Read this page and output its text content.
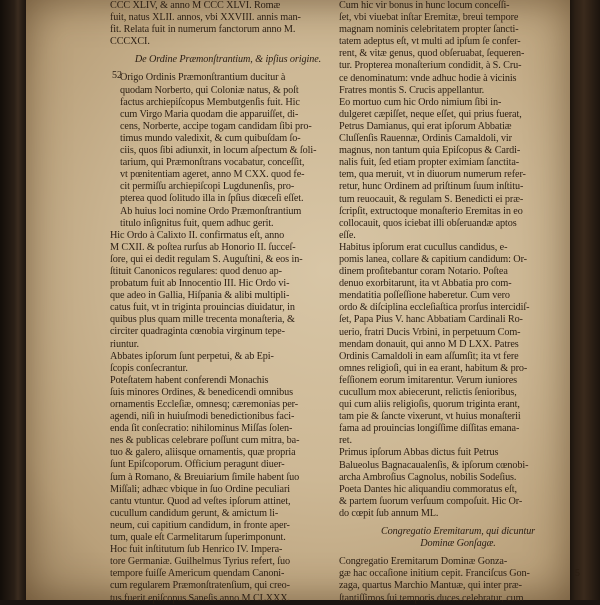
52
CCC XLIV, & anno M CCC XLVI. Romæ
fuit, natus XLII. annos, vbi XXVIII. annis man-
fit. Relata fuit in numerum fanctorum anno M.
CCCXCI.
De Ordine Præmonſtrantium, & ipſius origine.
Origo Ordinis Præmonſtrantium ducitur à
quodam Norberto, qui Coloniæ natus, & poſt
factus archiepiſcopus Membutgenſis fuit. Hic
cum Virgo Maria quodam die apparuiſſet, di-
cens, Norberte, accipe togam candidam ſibi pro-
timus mundo valedixit, & cum quibuſdam ſo-
ciis, quos ſibi adiunxit, in locum aſpectum & ſoli-
tarium, qui Præmonſtrans vocabatur, conceſſit,
vt pœnitentiam ageret, anno M CXX. quod fe-
cit permiſſu archiepiſcopi Lugdunenſis, pro-
pterea quod ſolitudo illa in ſpſius diœceſi eſſet.
Ab huius loci nomine Ordo Præmonſtrantium
titulo inſignitus fuit, quem adhuc gerit.
Hic Ordo à Calixto II. confirmatus eſt, anno
M CXII. & poſtea rurſus ab Honorio II. ſucceſ-
ſore, qui ei dedit regulam S. Auguſtini, & eos in-
ſtituit Canonicos regulares: quod denuo ap-
probatum fuit ab Innocentio III. Hic Ordo vi-
que adeo in Gallia, Hiſpania & alibi multipli-
catus fuit, vt in triginta prouincias diuidatur, in
quibus plus quam mille trecenta monaſteria, &
circiter quadraginta cœnobia virginum tepe-
riuntur.
Abbates ipſorum ſunt perpetui, & ab Epi-
ſcopis conſecrantur.
Poteſtatem habent conferendi Monachis
ſuis minores Ordines, & benedicendi omnibus
ornamentis Eccleſiæ, omnesq; cæremonias per-
agendi, niſi in huiuſmodi benedictionibus faci-
enda ſit conſecratio: nihilominus Miſſas ſolen-
nes & publicas celebrare poſſunt cum mitra, ba-
tuo & galero, aliisque ornamentis, quæ propria
ſunt Epiſcoporum. Officium peragunt diuer-
ſum à Romano, & Breuiarium ſimile habent ſuo
Miſſali; adhæc vbique in ſuo Ordine peculiari
cantu vtuntur. Quod ad veſtes ipſorum attinet,
cucullum candidum gerunt, & amictum li-
neum, cui capitium candidum, in fronte aper-
tum, quale eſt Carmelitarum ſuperimponunt.
Hoc fuit inſtitutum ſub Henrico IV. Impera-
tore Germaniæ. Guilhelmus Tyrius refert, ſuo
tempore fuiſſe Americum quendam Canoni-
cum regularem Præmonſtratenſium, qui creo-
tus fuerit epiſcopus Saneſis anno M CLXXX.
Cum hic vir bonus in hunc locum conceſſi-
ſet, vbi viuebat inſtar Eremitæ, breui tempore
magnam nominis celebritatem propter ſancti-
tatem adeptus eſt, vt multi ad ipſum ſe confer-
rent, & vitæ genus, quod obſeruabat, ſequeren-
tur. Propterea monaſterium condidit, à S. Cru-
ce denominatum: vnde adhuc hodie à vicinis
Fratres montis S. Crucis appellantur.
Eo mortuo cum hic Ordo nimium ſibi in-
dulgeret cæpiſſet, neque eſſet, qui prius fuerat,
Petrus Damianus, qui erat ipſorum Abbatiæ
Cluſſenſis Rauennæ, Ordinis Camaldoli, vir
magnus, non tantum quia Epiſcopus & Cardi-
nalis fuit, ſed etiam propter eximiam ſanctita-
tem, qua meruit, vt in diuorum numerum refer-
retur, hunc Ordinem ad priſtinum ſuum inſtitu-
tum reuocauit, & regulam S. Benedicti ei præ-
ſcripſit, extructoque monaſterio Eremitas in eo
collocauit, quos iciebat illi obſeruandæ aptos
eſſe.
Habitus ipſorum erat cucullus candidus, e-
pomis lanea, collare & capitium candidum: Or-
dinem proſitebantur coram Notario. Poſtea
denuo exorbitarunt, ita vt Abbatia pro com-
mendatitia poſſeſſione haberetur. Cum vero
ordo & diſciplina eccleſiaſtica prorſus intercidiſ-
ſet, Papa Pius V. hanc Abbatiam Cardinali Ro-
uerio, fratri Ducis Vrbini, in perpetuum Com-
mendam donauit, qui anno M D LXX. Patres
Ordinis Camaldoli in eam aſſumſit; ita vt fere
omnes religioſi, qui in ea erant, habitum & pro-
feſſionem eorum imitarentur. Verum iuniores
cucullum mox abiecerunt, relictis ſenioribus,
qui cum aliis religioſis, quorum triginta erant,
tam pie & ſancte vixerunt, vt huius monaſterii
fama ad prouincias longiſſime diſſitas emana-
ret.
Primus ipſorum Abbas dictus fuit Petrus
Balueolus Bagnacaualenſis, & ipſorum cœnobi-
archa Ambroſius Cagnolus, nobilis Sodeſius.
Poeta Dantes hic aliquandiu commoratus eſt,
& partem ſuorum verſuum compoſuit. Hic Or-
do cœpit ſub annum ML.
Congregatio Eremitarum, qui dicuntur
Dominæ Gonſagæ.
Congregatio Eremitarum Dominæ Gonza-
gæ hac occaſione initium cepit. Franciſcus Gon-
zaga, quartus Marchio Mantuæ, qui inter præ-
ſtantiſſimos ſui temporis duces celebratur, cum
5
